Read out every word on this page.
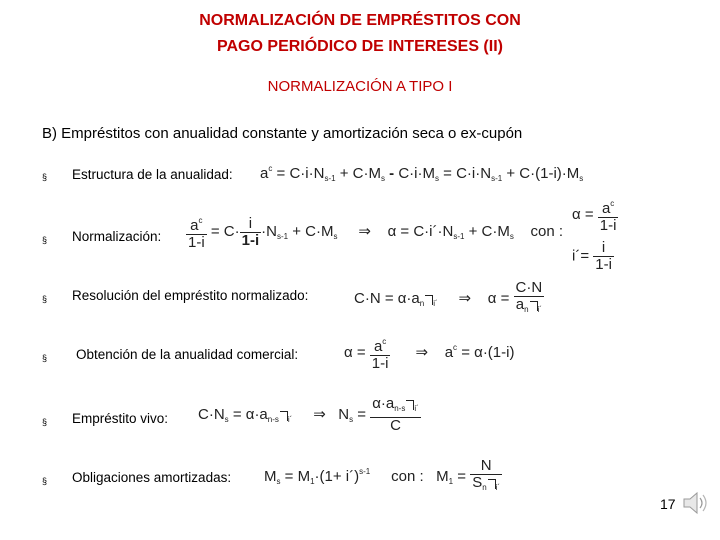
NORMALIZACIÓN DE EMPRÉSTITOS CON
PAGO PERIÓDICO DE INTERESES (II)
NORMALIZACIÓN A TIPO I
B) Empréstitos con anualidad constante y amortización seca o ex-cupón
§ Estructura de la anualidad: $a^c = C\cdot i\cdot N_{s-1} + C\cdot M_s - C\cdot i\cdot M_s = C\cdot i\cdot N_{s-1} + C\cdot(1-i)\cdot M_s$
§ Normalización: $\frac{a^c}{1-i} = C\cdot \frac{i}{1-i} \cdot N_{s-1} + C\cdot M_s$     ⇒    $\alpha = C\cdot i´\cdot N_{s-1} + C\cdot M_s$    con :
$\alpha = \frac{a^c}{1-i}$
i´= $\frac{i}{1-i}$
§ Resolución del empréstito normalizado:	$C\cdot N = \alpha\cdot a_n$ $_{i´}$     ⇒    $\alpha = \frac{C\cdot N}{a_n _{i´}}$
§ Obtención de la anualidad comercial:	$\alpha = \frac{a^c}{1-i}$ ⇒    $a^c = \alpha\cdot(1-i)$
§ Empréstito vivo: $C\cdot N_s = \alpha\cdot a_{n-s}$ $_{i´}$     ⇒   $N_s = \frac{\alpha\cdot a_{n-s} _{i´}}{C}$
§ Obligaciones amortizadas: $M_s = M_1\cdot(1+$ i´)$^{s-1}$     con :   $M_1 = \frac{N}{S_n _{i´}}$
17
